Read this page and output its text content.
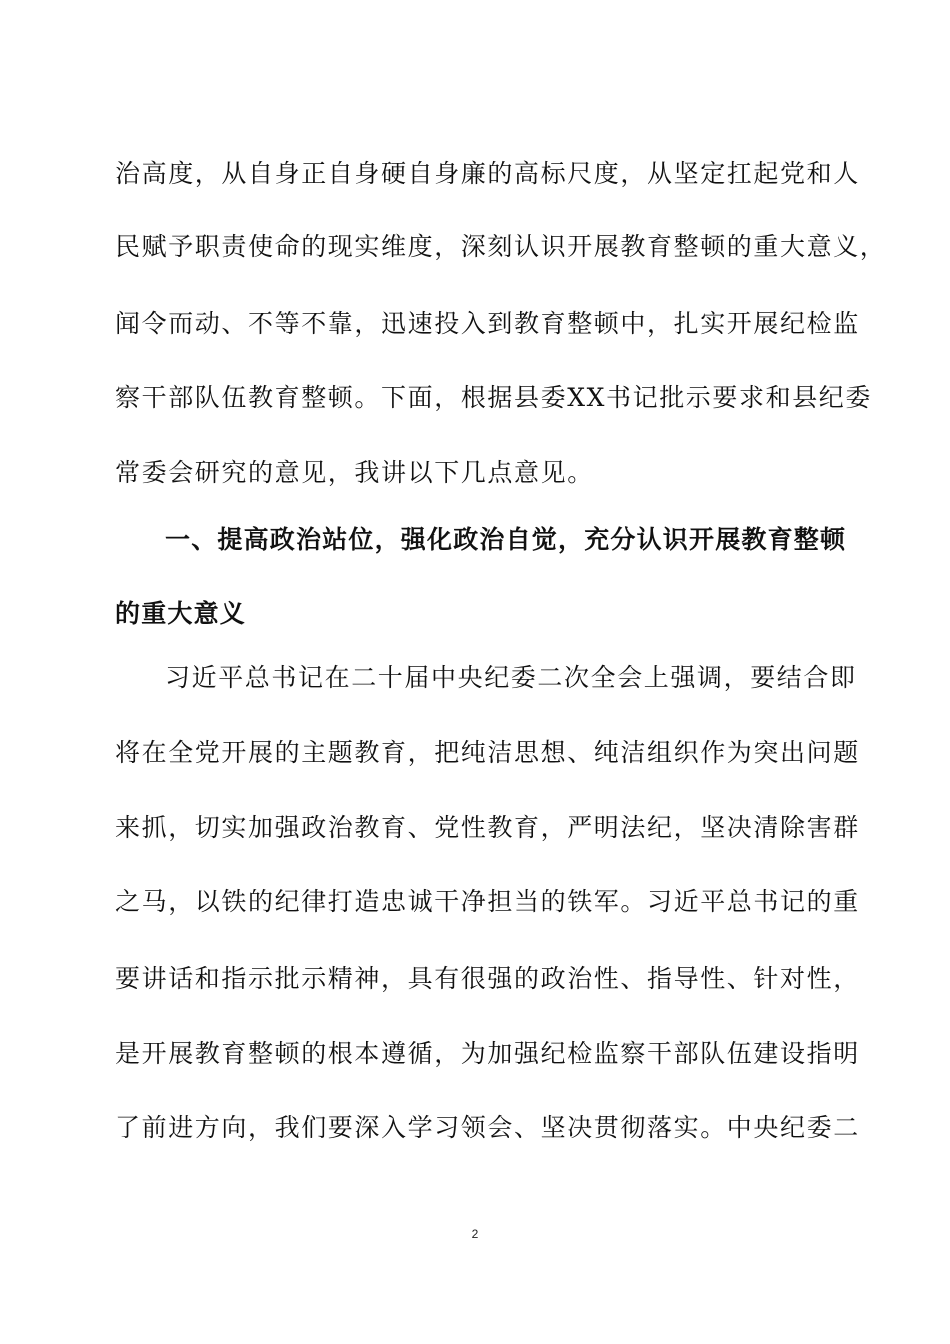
治高度，从自身正自身硬自身廉的高标尺度，从坚定扛起党和人
民赋予职责使命的现实维度，深刻认识开展教育整顿的重大意义，
闻令而动、不等不靠，迅速投入到教育整顿中，扎实开展纪检监
察干部队伍教育整顿。下面，根据县委XX书记批示要求和县纪委
常委会研究的意见，我讲以下几点意见。
一、提高政治站位，强化政治自觉，充分认识开展教育整顿
的重大意义
习近平总书记在二十届中央纪委二次全会上强调，要结合即
将在全党开展的主题教育，把纯洁思想、纯洁组织作为突出问题
来抓，切实加强政治教育、党性教育，严明法纪，坚决清除害群
之马，以铁的纪律打造忠诚干净担当的铁军。习近平总书记的重
要讲话和指示批示精神，具有很强的政治性、指导性、针对性，
是开展教育整顿的根本遵循，为加强纪检监察干部队伍建设指明
了前进方向，我们要深入学习领会、坚决贯彻落实。中央纪委二
2
